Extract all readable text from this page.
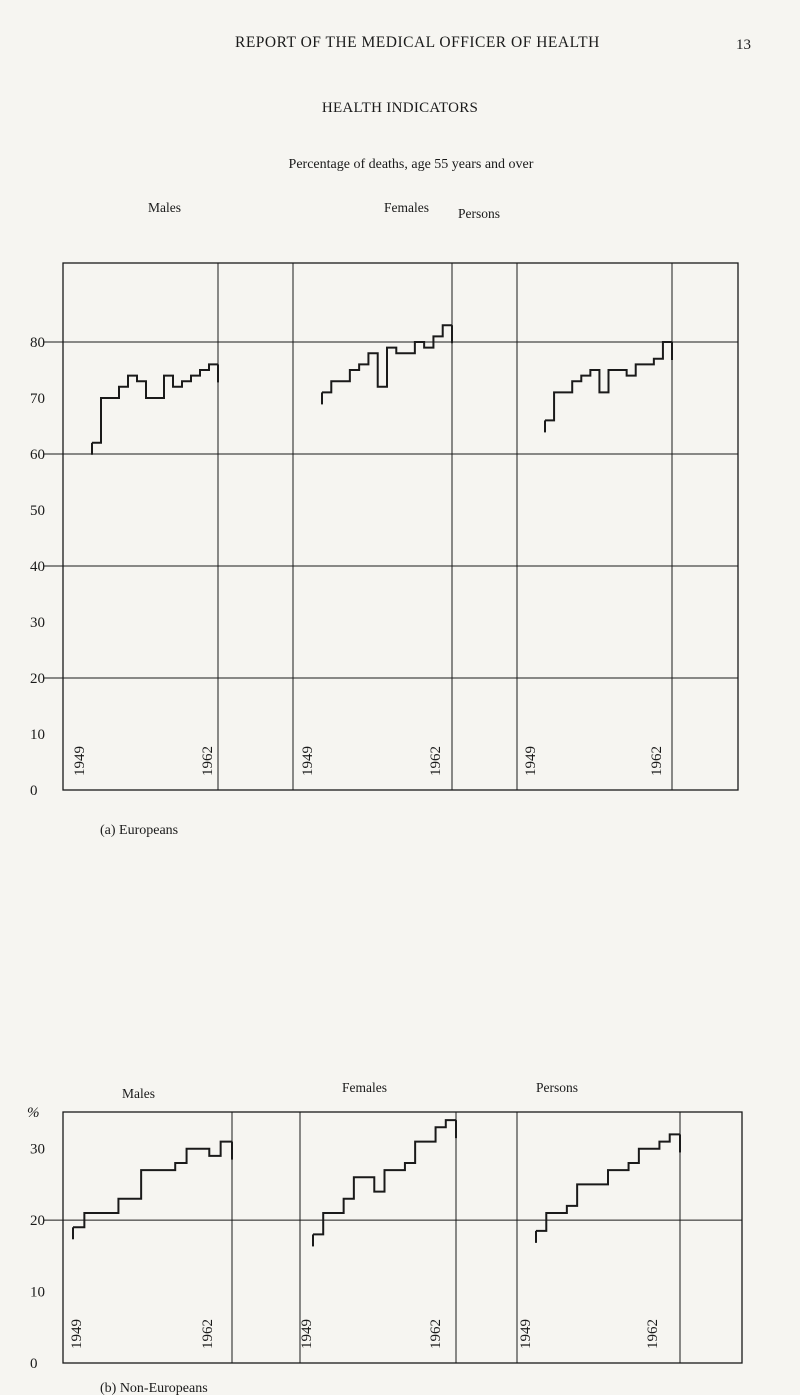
REPORT OF THE MEDICAL OFFICER OF HEALTH	13
HEALTH INDICATORS
Percentage of deaths, age 55 years and over
0
10
20
30
40
50
60
70
80
Males
1949	1962
Females
1949	1962
Persons
1949	1962
(a) Europeans
0
10
20
30
%
Males
1949	1962
Females
1949	1962
Persons
1949	1962
(b) Non-Europeans
